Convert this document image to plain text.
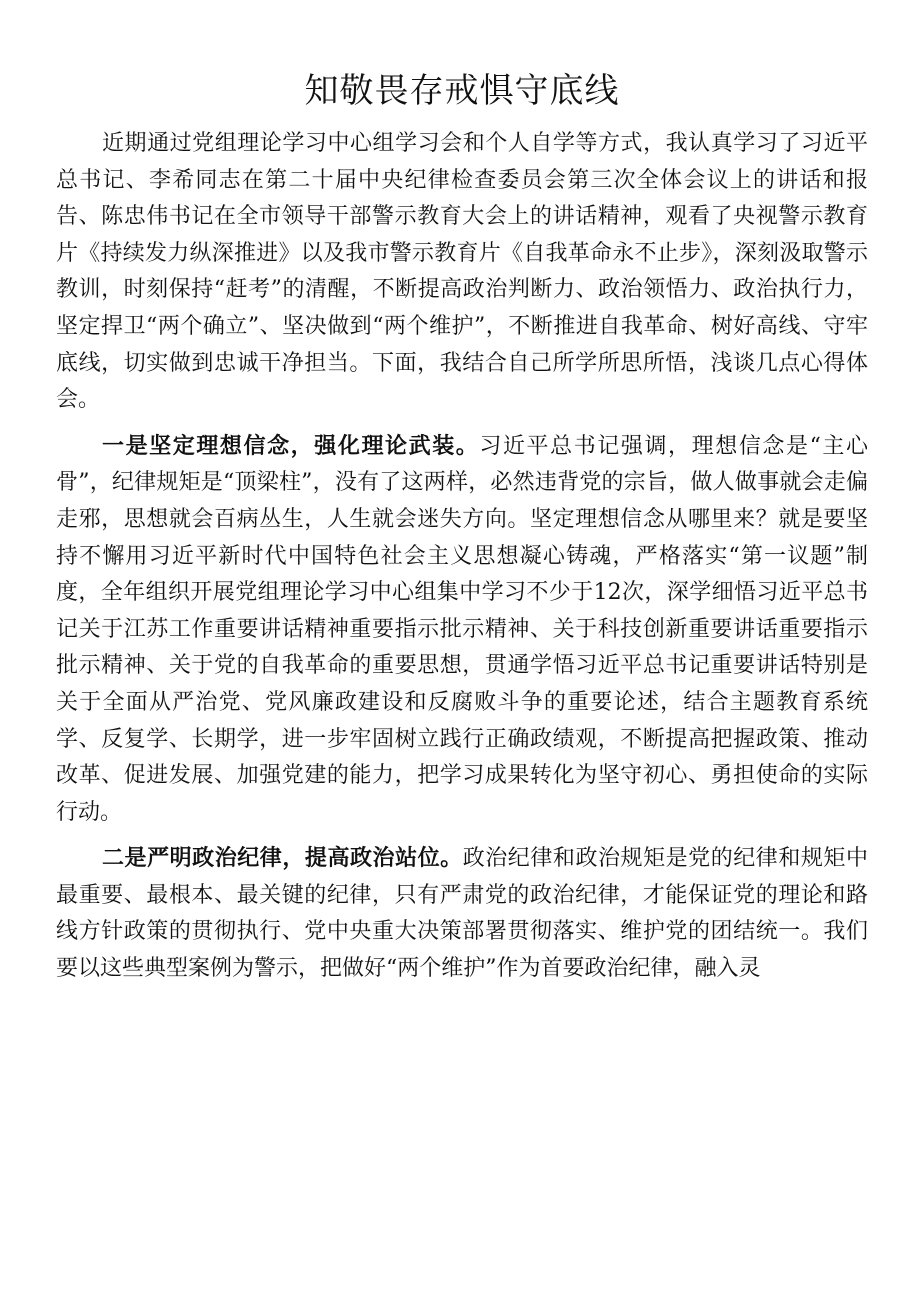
知敬畏存戒惧守底线

近期通过党组理论学习中心组学习会和个人自学等方式，我认真学习了习近平总书记、李希同志在第二十届中央纪律检查委员会第三次全体会议上的讲话和报告、陈忠伟书记在全市领导干部警示教育大会上的讲话精神，观看了央视警示教育片《持续发力纵深推进》以及我市警示教育片《自我革命永不止步》，深刻汲取警示教训，时刻保持“赶考”的清醒，不断提高政治判断力、政治领悟力、政治执行力，坚定捍卫“两个确立”、坚决做到“两个维护”，不断推进自我革命、树好高线、守牢底线，切实做到忠诚干净担当。下面，我结合自己所学所思所悟，浅谈几点心得体会。

一是坚定理想信念，强化理论武装。习近平总书记强调，理想信念是“主心骨”，纪律规矩是“顶梁柱”，没有了这两样，必然违背党的宗旨，做人做事就会走偏走邪，思想就会百病丛生，人生就会迷失方向。坚定理想信念从哪里来？就是要坚持不懈用习近平新时代中国特色社会主义思想凝心铸魂，严格落实“第一议题”制度，全年组织开展党组理论学习中心组集中学习不少于12次，深学细悟习近平总书记关于江苏工作重要讲话精神重要指示批示精神、关于科技创新重要讲话重要指示批示精神、关于党的自我革命的重要思想，贯通学悟习近平总书记重要讲话特别是关于全面从严治党、党风廉政建设和反腐败斗争的重要论述，结合主题教育系统学、反复学、长期学，进一步牢固树立践行正确政绩观，不断提高把握政策、推动改革、促进发展、加强党建的能力，把学习成果转化为坚守初心、勇担使命的实际行动。

二是严明政治纪律，提高政治站位。政治纪律和政治规矩是党的纪律和规矩中最重要、最根本、最关键的纪律，只有严肃党的政治纪律，才能保证党的理论和路线方针政策的贯彻执行、党中央重大决策部署贯彻落实、维护党的团结统一。我们要以这些典型案例为警示，把做好“两个维护”作为首要政治纪律，融入灵
